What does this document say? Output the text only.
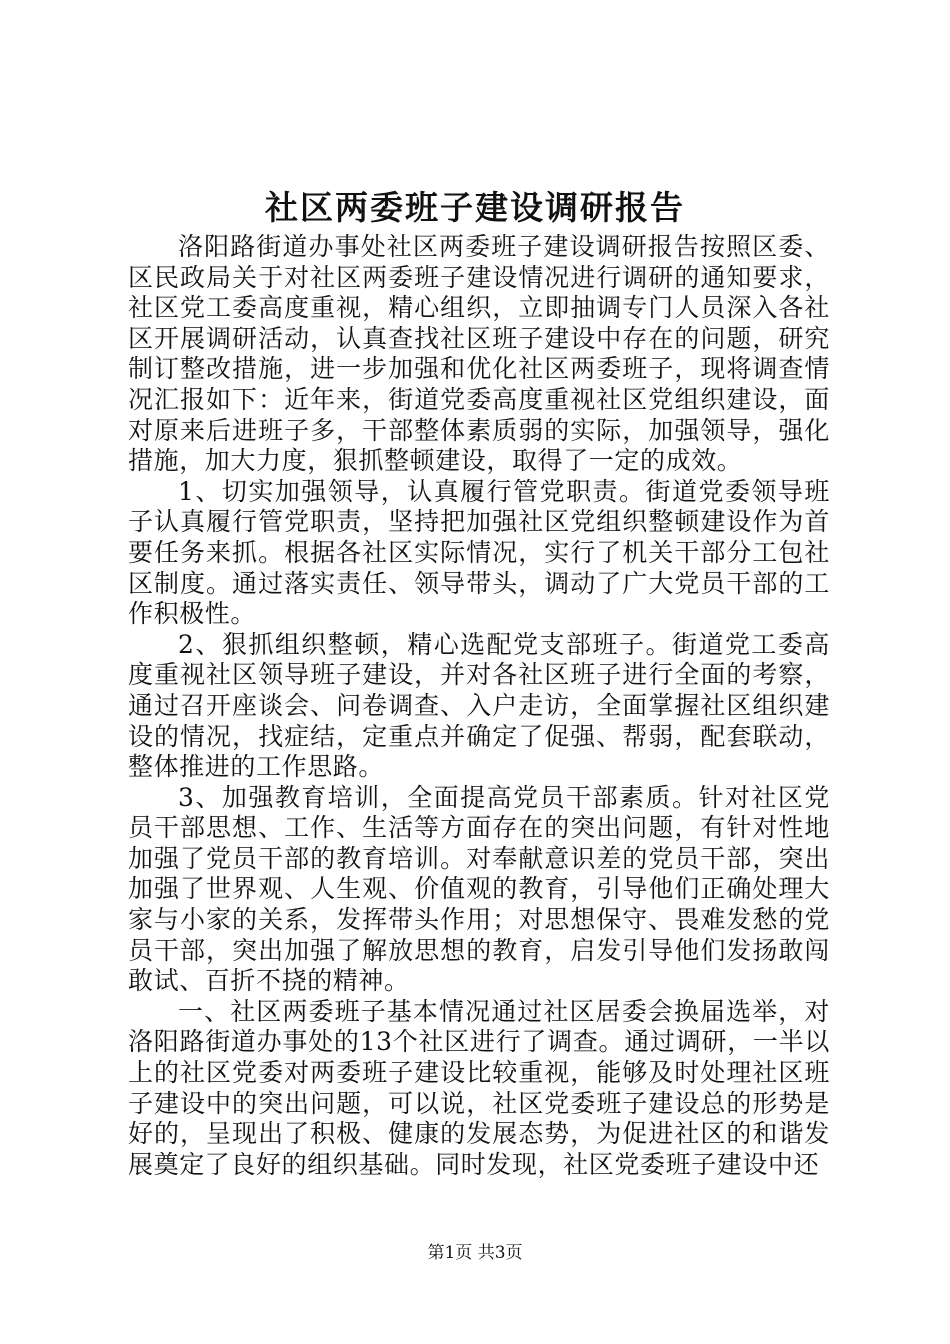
社区两委班子建设调研报告

洛阳路街道办事处社区两委班子建设调研报告按照区委、区民政局关于对社区两委班子建设情况进行调研的通知要求，社区党工委高度重视，精心组织，立即抽调专门人员深入各社区开展调研活动，认真查找社区班子建设中存在的问题，研究制订整改措施，进一步加强和优化社区两委班子，现将调查情况汇报如下：近年来，街道党委高度重视社区党组织建设，面对原来后进班子多，干部整体素质弱的实际，加强领导，强化措施，加大力度，狠抓整顿建设，取得了一定的成效。

1、切实加强领导，认真履行管党职责。街道党委领导班子认真履行管党职责，坚持把加强社区党组织整顿建设作为首要任务来抓。根据各社区实际情况，实行了机关干部分工包社区制度。通过落实责任、领导带头，调动了广大党员干部的工作积极性。

2、狠抓组织整顿，精心选配党支部班子。街道党工委高度重视社区领导班子建设，并对各社区班子进行全面的考察，通过召开座谈会、问卷调查、入户走访，全面掌握社区组织建设的情况，找症结，定重点并确定了促强、帮弱，配套联动，整体推进的工作思路。

3、加强教育培训，全面提高党员干部素质。针对社区党员干部思想、工作、生活等方面存在的突出问题，有针对性地加强了党员干部的教育培训。对奉献意识差的党员干部，突出加强了世界观、人生观、价值观的教育，引导他们正确处理大家与小家的关系，发挥带头作用；对思想保守、畏难发愁的党员干部，突出加强了解放思想的教育，启发引导他们发扬敢闯敢试、百折不挠的精神。

一、社区两委班子基本情况通过社区居委会换届选举，对洛阳路街道办事处的13个社区进行了调查。通过调研，一半以上的社区党委对两委班子建设比较重视，能够及时处理社区班子建设中的突出问题，可以说，社区党委班子建设总的形势是好的，呈现出了积极、健康的发展态势，为促进社区的和谐发展奠定了良好的组织基础。同时发现，社区党委班子建设中还

第1页 共3页
